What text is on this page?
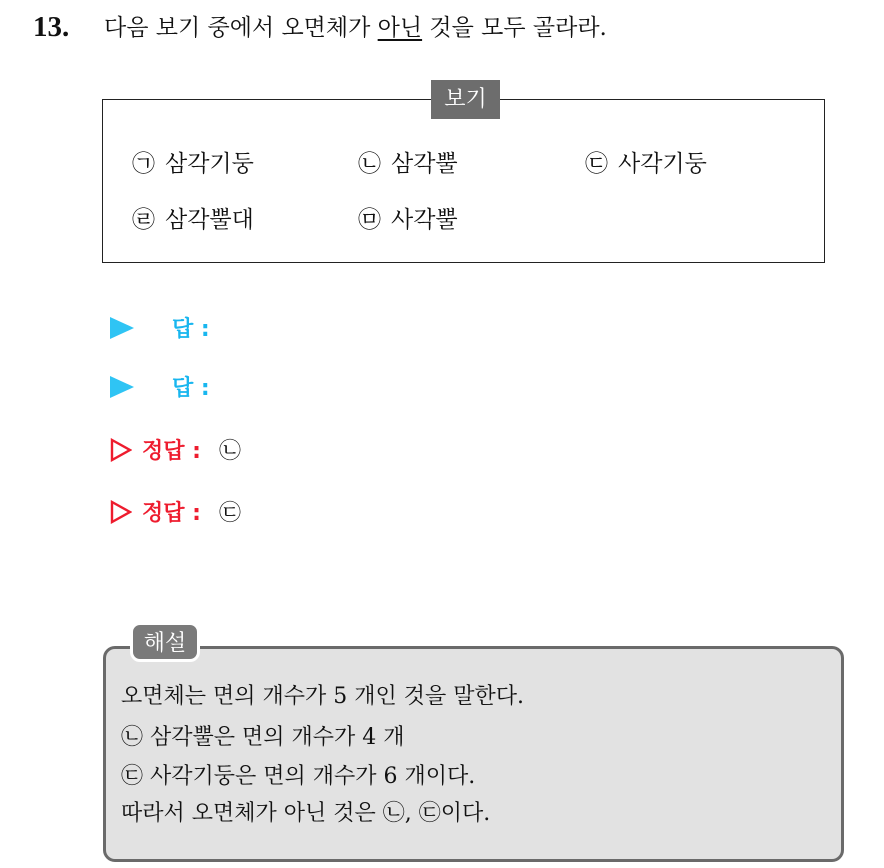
13. 다음 보기 중에서 오면체가 아닌 것을 모두 골라라.
보기
㉠ 삼각기둥	㉡ 삼각뿔	㉢ 사각기둥
㉣ 삼각뿔대	㉤ 사각뿔
답 :
답 :
정답 : ㉡
정답 : ㉢
해설
오면체는 면의 개수가 5 개인 것을 말한다.
㉡ 삼각뿔은 면의 개수가 4 개
㉢ 사각기둥은 면의 개수가 6 개이다.
따라서 오면체가 아닌 것은 ㉡, ㉢이다.
